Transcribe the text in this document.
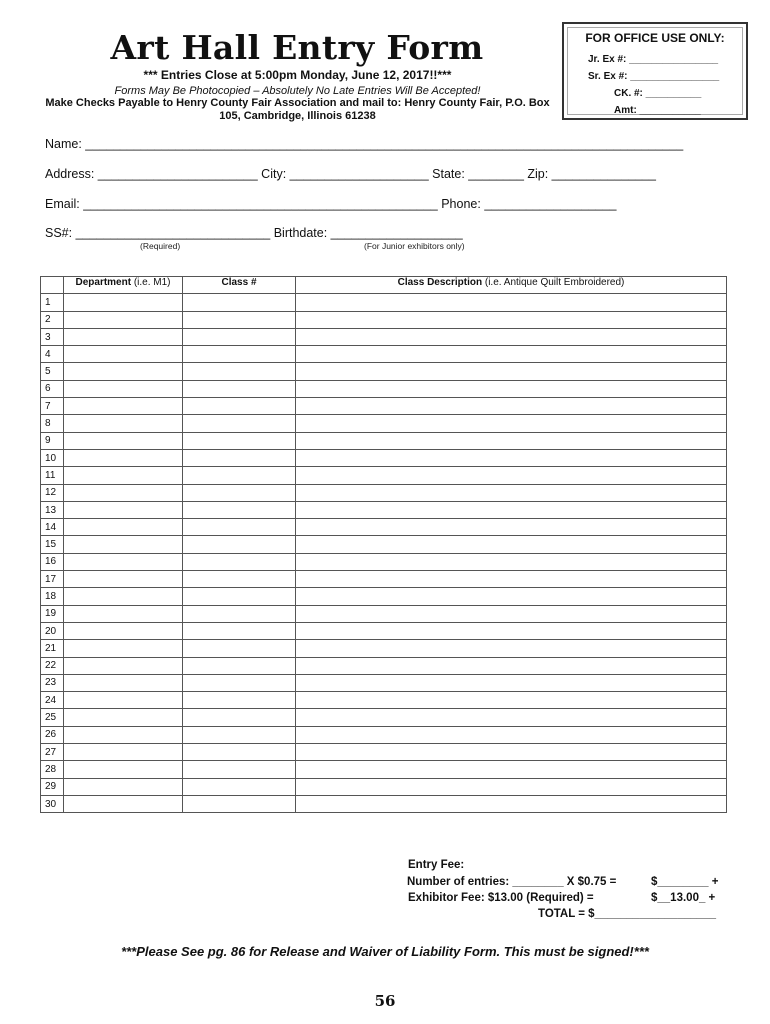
Art Hall Entry Form
*** Entries Close at 5:00pm Monday, June 12, 2017!!***
Forms May Be Photocopied – Absolutely No Late Entries Will Be Accepted!
Make Checks Payable to Henry County Fair Association and mail to: Henry County Fair, P.O. Box
105, Cambridge, Illinois 61238
FOR OFFICE USE ONLY:
Jr. Ex #: ________________
Sr. Ex #: ________________
CK. #: __________
Amt: ___________
Name: ______________________________________________________________________________________
Address: _______________________ City: ____________________ State: ________ Zip: _______________
Email: ___________________________________________________ Phone: ___________________
SS#: ____________________________ Birthdate: ___________________
(Required)	(For Junior exhibitors only)
	Department (i.e. M1)	Class #	Class Description (i.e. Antique Quilt Embroidered)
1			
2			
3			
4			
5			
6			
7			
8			
9			
10			
11			
12			
13			
14			
15			
16			
17			
18			
19			
20			
21			
22			
23			
24			
25			
26			
27			
28			
29			
30			
Entry Fee:
Number of entries: ________ X $0.75 =	$________ +
Exhibitor Fee: $13.00 (Required) =	$__13.00_ +
TOTAL = $___________________
***Please See pg. 86 for Release and Waiver of Liability Form. This must be signed!***
56
